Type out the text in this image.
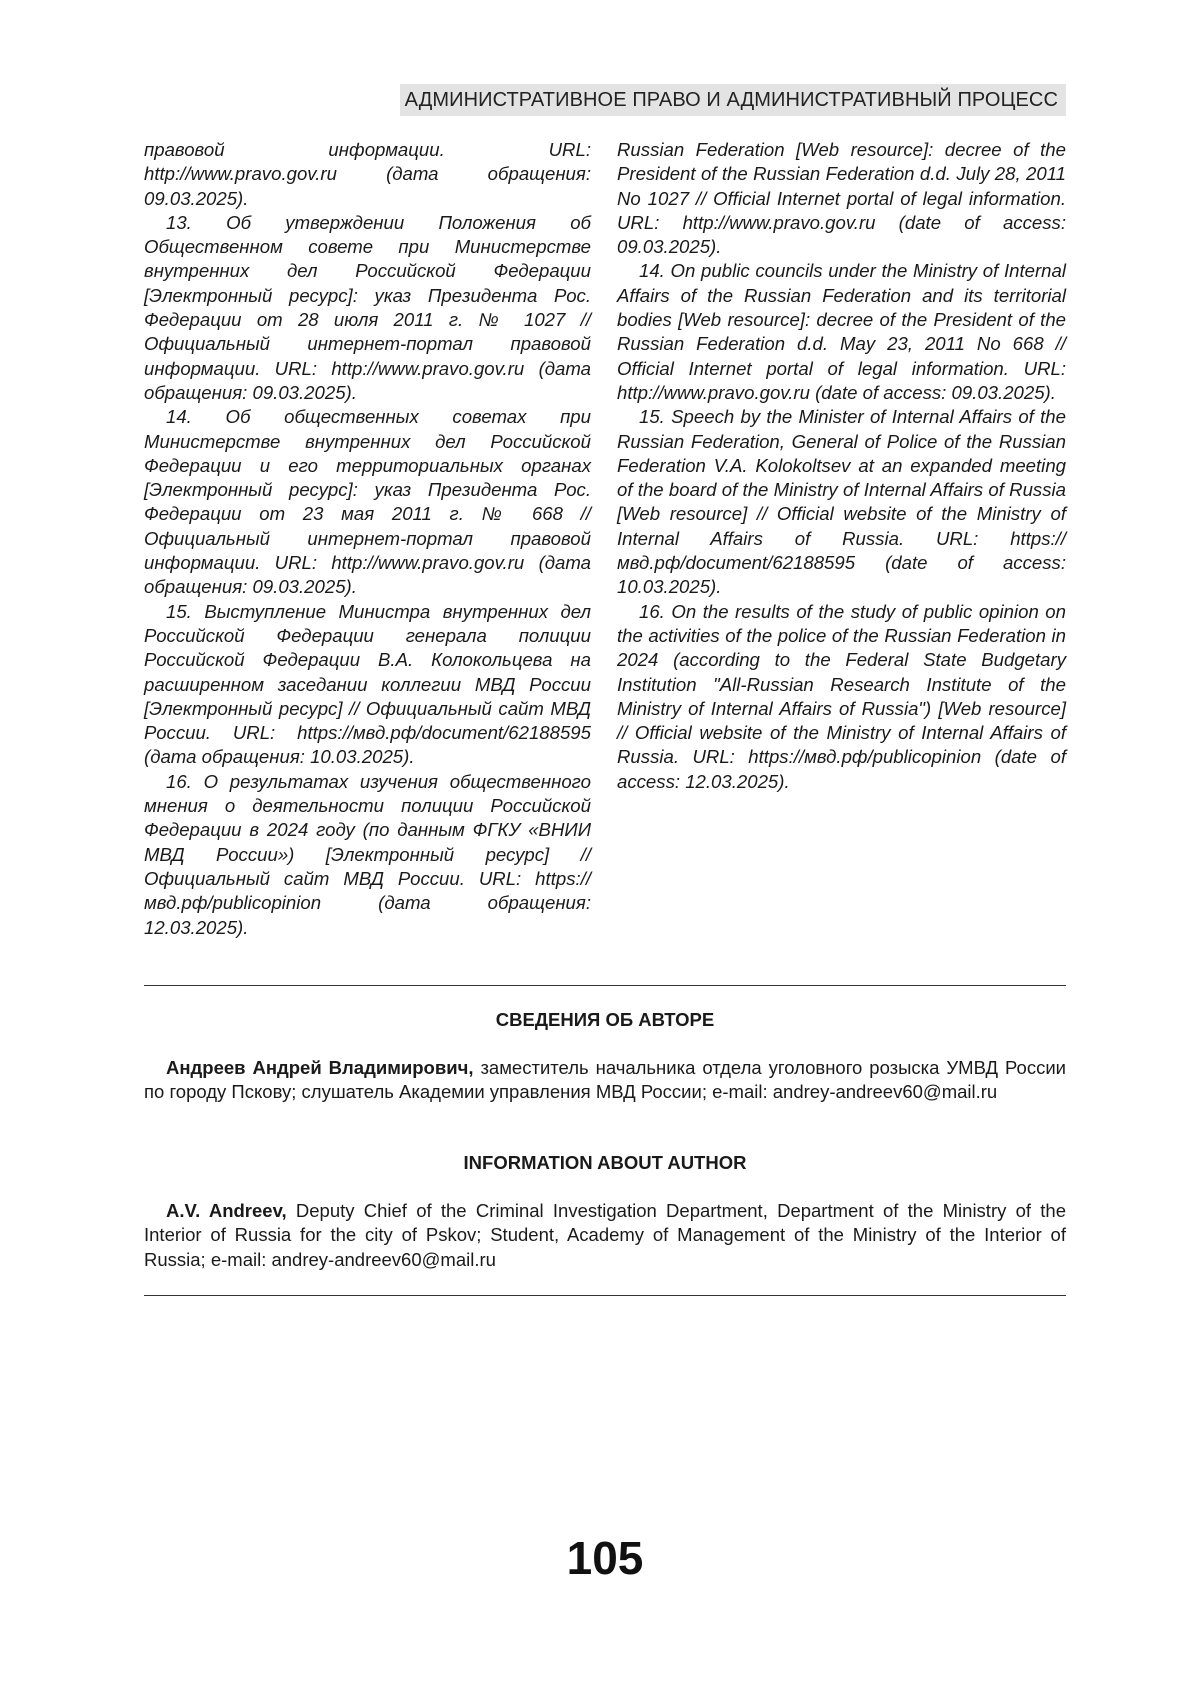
АДМИНИСТРАТИВНОЕ ПРАВО И АДМИНИСТРАТИВНЫЙ ПРОЦЕСС

правовой информации. URL: http://www.pravo.gov.ru (дата обращения: 09.03.2025).

13. Об утверждении Положения об Общественном совете при Министерстве внутренних дел Российской Федерации [Электронный ресурс]: указ Президента Рос. Федерации от 28 июля 2011 г. № 1027 // Официальный интернет-портал правовой информации. URL: http://www.pravo.gov.ru (дата обращения: 09.03.2025).

14. Об общественных советах при Министерстве внутренних дел Российской Федерации и его территориальных органах [Электронный ресурс]: указ Президента Рос. Федерации от 23 мая 2011 г. № 668 // Официальный интернет-портал правовой информации. URL: http://www.pravo.gov.ru (дата обращения: 09.03.2025).

15. Выступление Министра внутренних дел Российской Федерации генерала полиции Российской Федерации В.А. Колокольцева на расширенном заседании коллегии МВД России [Электронный ресурс] // Официальный сайт МВД России. URL: https://мвд.рф/document/62188595 (дата обращения: 10.03.2025).

16. О результатах изучения общественного мнения о деятельности полиции Российской Федерации в 2024 году (по данным ФГКУ «ВНИИ МВД России») [Электронный ресурс] // Официальный сайт МВД России. URL: https://мвд.рф/publicopinion (дата обращения: 12.03.2025).

Russian Federation [Web resource]: decree of the President of the Russian Federation d.d. July 28, 2011 No 1027 // Official Internet portal of legal information. URL: http://www.pravo.gov.ru (date of access: 09.03.2025).

14. On public councils under the Ministry of Internal Affairs of the Russian Federation and its territorial bodies [Web resource]: decree of the President of the Russian Federation d.d. May 23, 2011 No 668 // Official Internet portal of legal information. URL: http://www.pravo.gov.ru (date of access: 09.03.2025).

15. Speech by the Minister of Internal Affairs of the Russian Federation, General of Police of the Russian Federation V.A. Kolokoltsev at an expanded meeting of the board of the Ministry of Internal Affairs of Russia [Web resource] // Official website of the Ministry of Internal Affairs of Russia. URL: https://мвд.рф/document/62188595 (date of access: 10.03.2025).

16. On the results of the study of public opinion on the activities of the police of the Russian Federation in 2024 (according to the Federal State Budgetary Institution "All-Russian Research Institute of the Ministry of Internal Affairs of Russia") [Web resource] // Official website of the Ministry of Internal Affairs of Russia. URL: https://мвд.рф/publicopinion (date of access: 12.03.2025).

СВЕДЕНИЯ ОБ АВТОРЕ

Андреев Андрей Владимирович, заместитель начальника отдела уголовного розыска УМВД России по городу Пскову; слушатель Академии управления МВД России; e-mail: andrey-andreev60@mail.ru

INFORMATION ABOUT AUTHOR

A.V. Andreev, Deputy Chief of the Criminal Investigation Department, Department of the Ministry of the Interior of Russia for the city of Pskov; Student, Academy of Management of the Ministry of the Interior of Russia; e-mail: andrey-andreev60@mail.ru

105
